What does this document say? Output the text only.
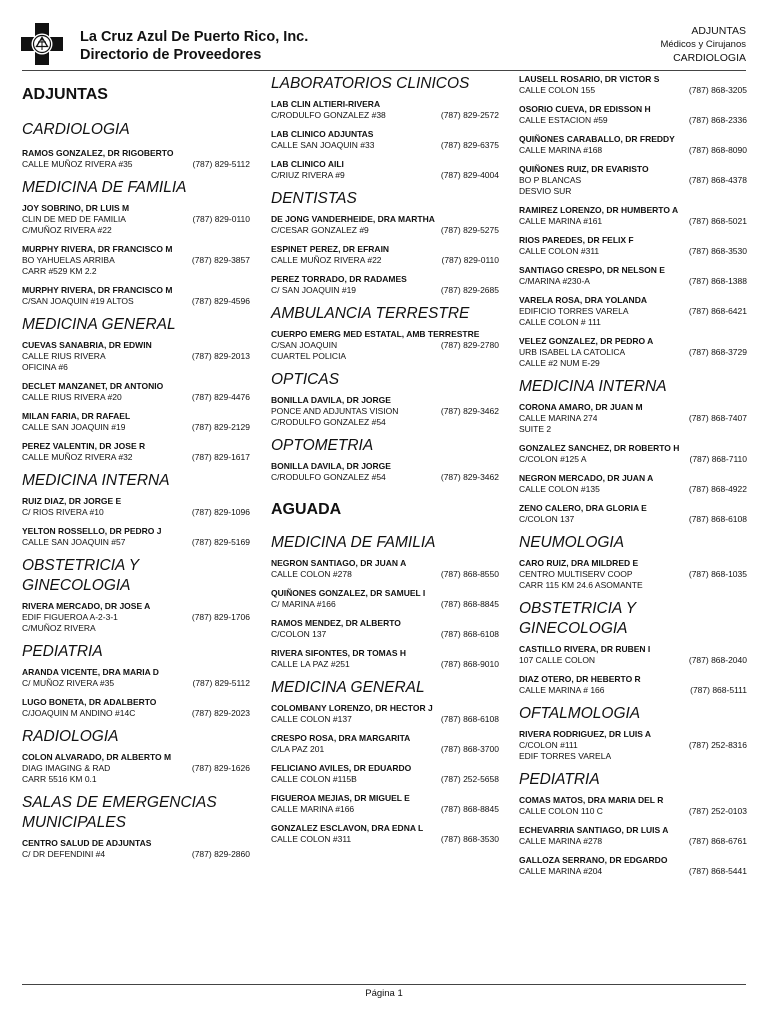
La Cruz Azul De Puerto Rico, Inc.
Directorio de Proveedores
ADJUNTAS
Médicos y Cirujanos
CARDIOLOGIA
ADJUNTAS
CARDIOLOGIA
RAMOS GONZALEZ, DR RIGOBERTO
CALLE MUÑOZ RIVERA #35	(787) 829-5112
MEDICINA DE FAMILIA
JOY SOBRINO, DR LUIS M
CLIN DE MED DE FAMILIA	(787) 829-0110
C/MUÑOZ RIVERA #22
MURPHY RIVERA, DR FRANCISCO M
BO YAHUELAS ARRIBA	(787) 829-3857
CARR #529 KM 2.2
MURPHY RIVERA, DR FRANCISCO M
C/SAN JOAQUIN #19 ALTOS	(787) 829-4596
MEDICINA GENERAL
CUEVAS SANABRIA, DR EDWIN
CALLE RIUS RIVERA	(787) 829-2013
OFICINA #6
DECLET MANZANET, DR ANTONIO
CALLE RIUS RIVERA #20	(787) 829-4476
MILAN FARIA, DR RAFAEL
CALLE SAN JOAQUIN #19	(787) 829-2129
PEREZ VALENTIN, DR JOSE R
CALLE MUÑOZ RIVERA #32	(787) 829-1617
MEDICINA INTERNA
RUIZ DIAZ, DR JORGE E
C/ RIOS RIVERA #10	(787) 829-1096
YELTON ROSSELLO, DR PEDRO J
CALLE SAN JOAQUIN #57	(787) 829-5169
OBSTETRICIA Y GINECOLOGIA
RIVERA MERCADO, DR JOSE A
EDIF FIGUEROA A-2-3-1	(787) 829-1706
C/MUÑOZ RIVERA
PEDIATRIA
ARANDA VICENTE, DRA MARIA D
C/ MUÑOZ RIVERA #35	(787) 829-5112
LUGO BONETA, DR ADALBERTO
C/JOAQUIN M ANDINO #14C	(787) 829-2023
RADIOLOGIA
COLON ALVARADO, DR ALBERTO M
DIAG IMAGING & RAD	(787) 829-1626
CARR 5516 KM 0.1
SALAS DE EMERGENCIAS MUNICIPALES
CENTRO SALUD DE ADJUNTAS
C/ DR DEFENDINI #4	(787) 829-2860
LABORATORIOS CLINICOS
LAB CLIN ALTIERI-RIVERA
C/RODULFO GONZALEZ #38	(787) 829-2572
LAB CLINICO ADJUNTAS
CALLE SAN JOAQUIN #33	(787) 829-6375
LAB CLINICO AILI
C/RIUZ RIVERA #9	(787) 829-4004
DENTISTAS
DE JONG VANDERHEIDE, DRA MARTHA
C/CESAR GONZALEZ #9	(787) 829-5275
ESPINET PEREZ, DR EFRAIN
CALLE MUÑOZ RIVERA #22	(787) 829-0110
PEREZ TORRADO, DR RADAMES
C/ SAN JOAQUIN #19	(787) 829-2685
AMBULANCIA TERRESTRE
CUERPO EMERG MED ESTATAL, AMB TERRESTRE
C/SAN JOAQUIN	(787) 829-2780
CUARTEL POLICIA
OPTICAS
BONILLA DAVILA, DR JORGE
PONCE AND ADJUNTAS VISION	(787) 829-3462
C/RODULFO GONZALEZ #54
OPTOMETRIA
BONILLA DAVILA, DR JORGE
C/RODULFO GONZALEZ #54	(787) 829-3462
AGUADA
MEDICINA DE FAMILIA
NEGRON SANTIAGO, DR JUAN A
CALLE COLON #278	(787) 868-8550
QUIÑONES GONZALEZ, DR SAMUEL I
C/ MARINA #166	(787) 868-8845
RAMOS MENDEZ, DR ALBERTO
C/COLON 137	(787) 868-6108
RIVERA SIFONTES, DR TOMAS H
CALLE LA PAZ #251	(787) 868-9010
MEDICINA GENERAL
COLOMBANY LORENZO, DR HECTOR J
CALLE COLON #137	(787) 868-6108
CRESPO ROSA, DRA MARGARITA
C/LA PAZ 201	(787) 868-3700
FELICIANO AVILES, DR EDUARDO
CALLE COLON #115B	(787) 252-5658
FIGUEROA MEJIAS, DR MIGUEL E
CALLE MARINA #166	(787) 868-8845
GONZALEZ ESCLAVON, DRA EDNA L
CALLE COLON #311	(787) 868-3530
LAUSELL ROSARIO, DR VICTOR S
CALLE COLON 155	(787) 868-3205
OSORIO CUEVA, DR EDISSON H
CALLE ESTACION #59	(787) 868-2336
QUIÑONES CARABALLO, DR FREDDY
CALLE MARINA #168	(787) 868-8090
QUIÑONES RUIZ, DR EVARISTO
BO P BLANCAS	(787) 868-4378
DESVIO SUR
RAMIREZ LORENZO, DR HUMBERTO A
CALLE MARINA #161	(787) 868-5021
RIOS PAREDES, DR FELIX F
CALLE COLON #311	(787) 868-3530
SANTIAGO CRESPO, DR NELSON E
C/MARINA #230-A	(787) 868-1388
VARELA ROSA, DRA YOLANDA
EDIFICIO TORRES VARELA	(787) 868-6421
CALLE COLON # 111
VELEZ GONZALEZ, DR PEDRO A
URB ISABEL LA CATOLICA	(787) 868-3729
CALLE #2 NUM E-29
MEDICINA INTERNA
CORONA AMARO, DR JUAN M
CALLE MARINA 274	(787) 868-7407
SUITE 2
GONZALEZ SANCHEZ, DR ROBERTO H
C/COLON #125 A	(787) 868-7110
NEGRON MERCADO, DR JUAN A
CALLE COLON #135	(787) 868-4922
ZENO CALERO, DRA GLORIA E
C/COLON 137	(787) 868-6108
NEUMOLOGIA
CARO RUIZ, DRA MILDRED E
CENTRO MULTISERV COOP	(787) 868-1035
CARR 115 KM 24.6 ASOMANTE
OBSTETRICIA Y GINECOLOGIA
CASTILLO RIVERA, DR RUBEN I
107 CALLE COLON	(787) 868-2040
DIAZ OTERO, DR HEBERTO R
CALLE MARINA # 166	(787) 868-5111
OFTALMOLOGIA
RIVERA RODRIGUEZ, DR LUIS A
C/COLON #111	(787) 252-8316
EDIF TORRES VARELA
PEDIATRIA
COMAS MATOS, DRA MARIA DEL R
CALLE COLON 110 C	(787) 252-0103
ECHEVARRIA SANTIAGO, DR LUIS A
CALLE MARINA #278	(787) 868-6761
GALLOZA SERRANO, DR EDGARDO
CALLE MARINA #204	(787) 868-5441
Página 1
